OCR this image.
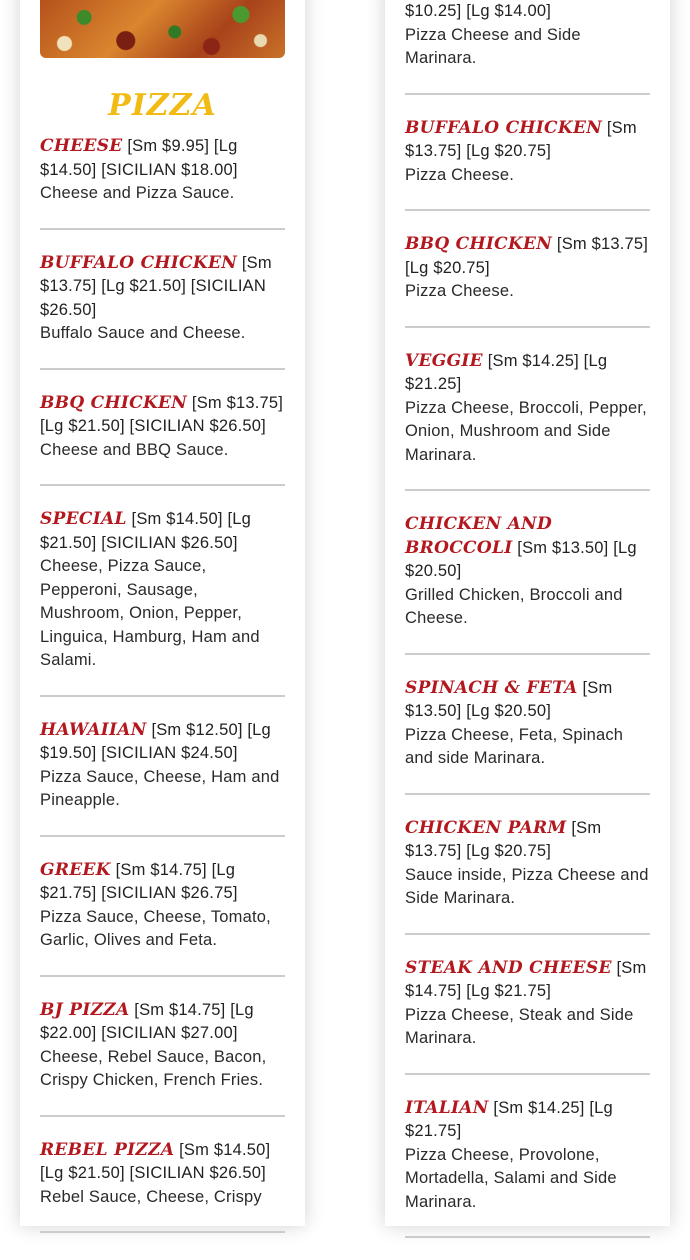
PIZZA

CHEESE [Sm $9.95] [Lg $14.50] [SICILIAN $18.00]
Cheese and Pizza Sauce.

BUFFALO CHICKEN [Sm $13.75] [Lg $21.50] [SICILIAN $26.50]
Buffalo Sauce and Cheese.

BBQ CHICKEN [Sm $13.75] [Lg $21.50] [SICILIAN $26.50]
Cheese and BBQ Sauce.

SPECIAL [Sm $14.50] [Lg $21.50] [SICILIAN $26.50]
Cheese, Pizza Sauce, Pepperoni, Sausage, Mushroom, Onion, Pepper, Linguica, Hamburg, Ham and Salami.

HAWAIIAN [Sm $12.50] [Lg $19.50] [SICILIAN $24.50]
Pizza Sauce, Cheese, Ham and Pineapple.

GREEK [Sm $14.75] [Lg $21.75] [SICILIAN $26.75]
Pizza Sauce, Cheese, Tomato, Garlic, Olives and Feta.

BJ PIZZA [Sm $14.75] [Lg $22.00] [SICILIAN $27.00]
Cheese, Rebel Sauce, Bacon, Crispy Chicken, French Fries.

REBEL PIZZA [Sm $14.50] [Lg $21.50] [SICILIAN $26.50]
Rebel Sauce, Cheese, Crispy

$10.25] [Lg $14.00]
Pizza Cheese and Side Marinara.

BUFFALO CHICKEN [Sm $13.75] [Lg $20.75]
Pizza Cheese.

BBQ CHICKEN [Sm $13.75] [Lg $20.75]
Pizza Cheese.

VEGGIE [Sm $14.25] [Lg $21.25]
Pizza Cheese, Broccoli, Pepper, Onion, Mushroom and Side Marinara.

CHICKEN AND BROCCOLI [Sm $13.50] [Lg $20.50]
Grilled Chicken, Broccoli and Cheese.

SPINACH & FETA [Sm $13.50] [Lg $20.50]
Pizza Cheese, Feta, Spinach and side Marinara.

CHICKEN PARM [Sm $13.75] [Lg $20.75]
Sauce inside, Pizza Cheese and Side Marinara.

STEAK AND CHEESE [Sm $14.75] [Lg $21.75]
Pizza Cheese, Steak and Side Marinara.

ITALIAN [Sm $14.25] [Lg $21.75]
Pizza Cheese, Provolone, Mortadella, Salami and Side Marinara.
